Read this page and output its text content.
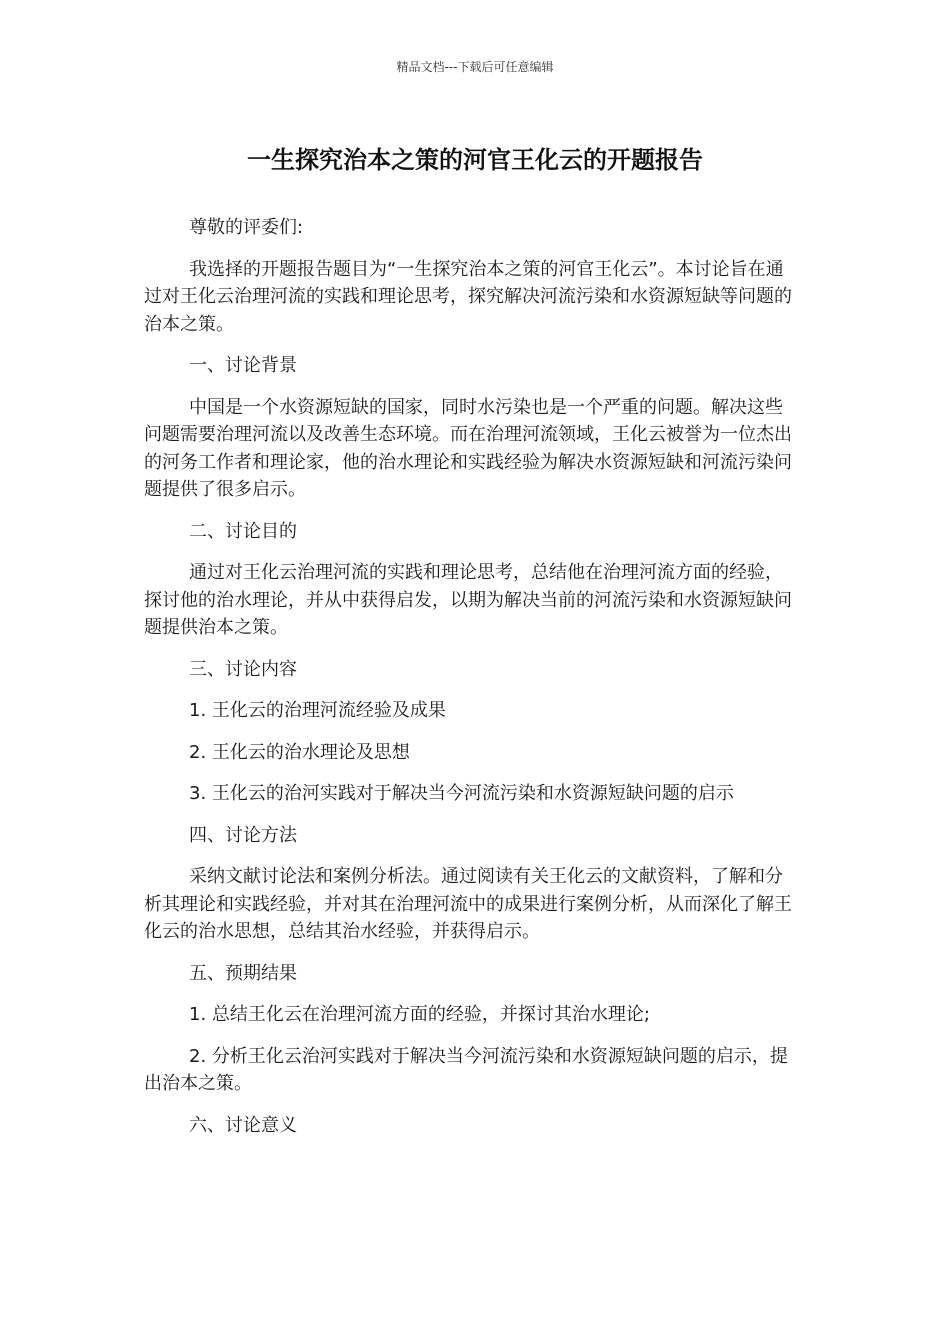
精品文档---下载后可任意编辑
一生探究治本之策的河官王化云的开题报告

尊敬的评委们:

我选择的开题报告题目为“一生探究治本之策的河官王化云”。本讨论旨在通过对王化云治理河流的实践和理论思考，探究解决河流污染和水资源短缺等问题的治本之策。

一、讨论背景

中国是一个水资源短缺的国家，同时水污染也是一个严重的问题。解决这些问题需要治理河流以及改善生态环境。而在治理河流领域，王化云被誉为一位杰出的河务工作者和理论家，他的治水理论和实践经验为解决水资源短缺和河流污染问题提供了很多启示。

二、讨论目的

通过对王化云治理河流的实践和理论思考，总结他在治理河流方面的经验，探讨他的治水理论，并从中获得启发，以期为解决当前的河流污染和水资源短缺问题提供治本之策。

三、讨论内容

1. 王化云的治理河流经验及成果

2. 王化云的治水理论及思想

3. 王化云的治河实践对于解决当今河流污染和水资源短缺问题的启示

四、讨论方法

采纳文献讨论法和案例分析法。通过阅读有关王化云的文献资料，了解和分析其理论和实践经验，并对其在治理河流中的成果进行案例分析，从而深化了解王化云的治水思想，总结其治水经验，并获得启示。

五、预期结果

1. 总结王化云在治理河流方面的经验，并探讨其治水理论;

2. 分析王化云治河实践对于解决当今河流污染和水资源短缺问题的启示，提出治本之策。

六、讨论意义
